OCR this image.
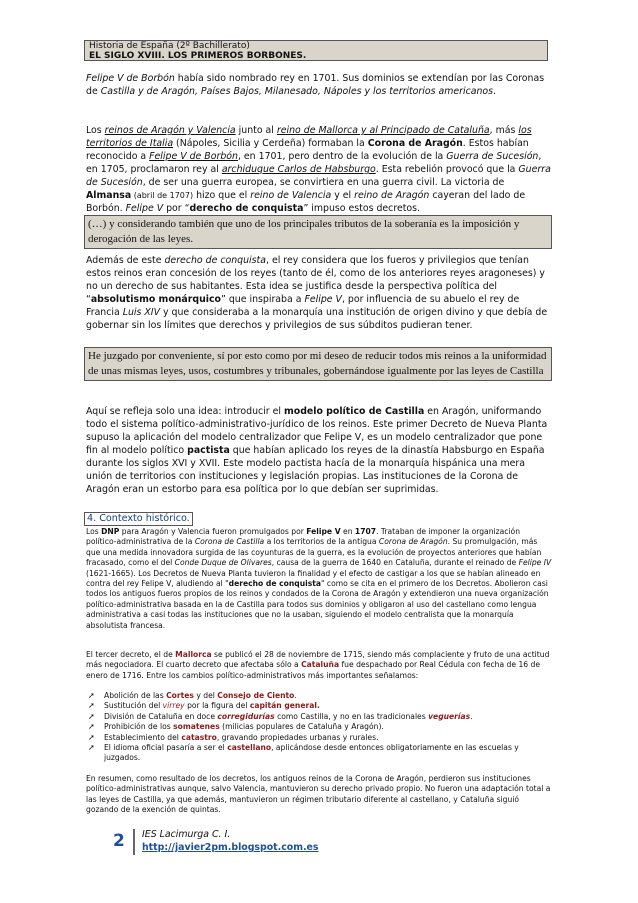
Historia de España (2º Bachillerato)
EL SIGLO XVIII. LOS PRIMEROS BORBONES.

Felipe V de Borbón había sido nombrado rey en 1701. Sus dominios se extendían por las Coronas de Castilla y de Aragón, Países Bajos, Milanesado, Nápoles y los territorios americanos.

Los reinos de Aragón y Valencia junto al reino de Mallorca y al Principado de Cataluña, más los territorios de Italia (Nápoles, Sicilia y Cerdeña) formaban la Corona de Aragón. Estos habían reconocido a Felipe V de Borbón, en 1701, pero dentro de la evolución de la Guerra de Sucesión, en 1705, proclamaron rey al archiduque Carlos de Habsburgo. Esta rebelión provocó que la Guerra de Sucesión, de ser una guerra europea, se convirtiera en una guerra civil. La victoria de Almansa (abril de 1707) hizo que el reino de Valencia y el reino de Aragón cayeran del lado de Borbón. Felipe V por “derecho de conquista” impuso estos decretos.

(…) y considerando también que uno de los principales tributos de la soberanía es la imposición y derogación de las leyes.

Además de este derecho de conquista, el rey considera que los fueros y privilegios que tenían estos reinos eran concesión de los reyes (tanto de él, como de los anteriores reyes aragoneses) y no un derecho de sus habitantes. Esta idea se justifica desde la perspectiva política del “absolutismo monárquico” que inspiraba a Felipe V, por influencia de su abuelo el rey de Francia Luis XIV y que consideraba a la monarquía una institución de origen divino y que debía de gobernar sin los límites que derechos y privilegios de sus súbditos pudieran tener.

He juzgado por conveniente, sí por esto como por mi deseo de reducir todos mis reinos a la uniformidad de unas mismas leyes, usos, costumbres y tribunales, gobernándose igualmente por las leyes de Castilla

Aquí se refleja solo una idea: introducir el modelo político de Castilla en Aragón, uniformando todo el sistema político-administrativo-jurídico de los reinos. Este primer Decreto de Nueva Planta supuso la aplicación del modelo centralizador que Felipe V, es un modelo centralizador que pone fin al modelo político pactista que habían aplicado los reyes de la dinastía Habsburgo en España durante los siglos XVI y XVII. Este modelo pactista hacía de la monarquía hispánica una mera unión de territorios con instituciones y legislación propias. Las instituciones de la Corona de Aragón eran un estorbo para esa política por lo que debían ser suprimidas.

4. Contexto histórico.

Los DNP para Aragón y Valencia fueron promulgados por Felipe V en 1707. Trataban de imponer la organización político-administrativa de la Corona de Castilla a los territorios de la antigua Corona de Aragón. Su promulgación, más que una medida innovadora surgida de las coyunturas de la guerra, es la evolución de proyectos anteriores que habían fracasado, como el del Conde Duque de Olivares, causa de la guerra de 1640 en Cataluña, durante el reinado de Felipe IV (1621-1665). Los Decretos de Nueva Planta tuvieron la finalidad y el efecto de castigar a los que se habían alineado en contra del rey Felipe V, aludiendo al "derecho de conquista" como se cita en el primero de los Decretos. Abolieron casi todos los antiguos fueros propios de los reinos y condados de la Corona de Aragón y extendieron una nueva organización político-administrativa basada en la de Castilla para todos sus dominios y obligaron al uso del castellano como lengua administrativa a casi todas las instituciones que no la usaban, siguiendo el modelo centralista que la monarquía absolutista francesa.

El tercer decreto, el de Mallorca se publicó el 28 de noviembre de 1715, siendo más complaciente y fruto de una actitud más negociadora. El cuarto decreto que afectaba sólo a Cataluña fue despachado por Real Cédula con fecha de 16 de enero de 1716. Entre los cambios político-administrativos más importantes señalamos:

➚ Abolición de las Cortes y del Consejo de Ciento.
➚ Sustitución del virrey por la figura del capitán general.
➚ División de Cataluña en doce corregidurías como Castilla, y no en las tradicionales veguerías.
➚ Prohibición de los somatenes (milicias populares de Cataluña y Aragón).
➚ Establecimiento del catastro, gravando propiedades urbanas y rurales.
➚ El idioma oficial pasaría a ser el castellano, aplicándose desde entonces obligatoriamente en las escuelas y juzgados.

En resumen, como resultado de los decretos, los antiguos reinos de la Corona de Aragón, perdieron sus instituciones político-administrativas aunque, salvo Valencia, mantuvieron su derecho privado propio. No fueron una adaptación total a las leyes de Castilla, ya que además, mantuvieron un régimen tributario diferente al castellano, y Cataluña siguió gozando de la exención de quintas.

2 IES Lacimurga C. I.
http://javier2pm.blogspot.com.es
